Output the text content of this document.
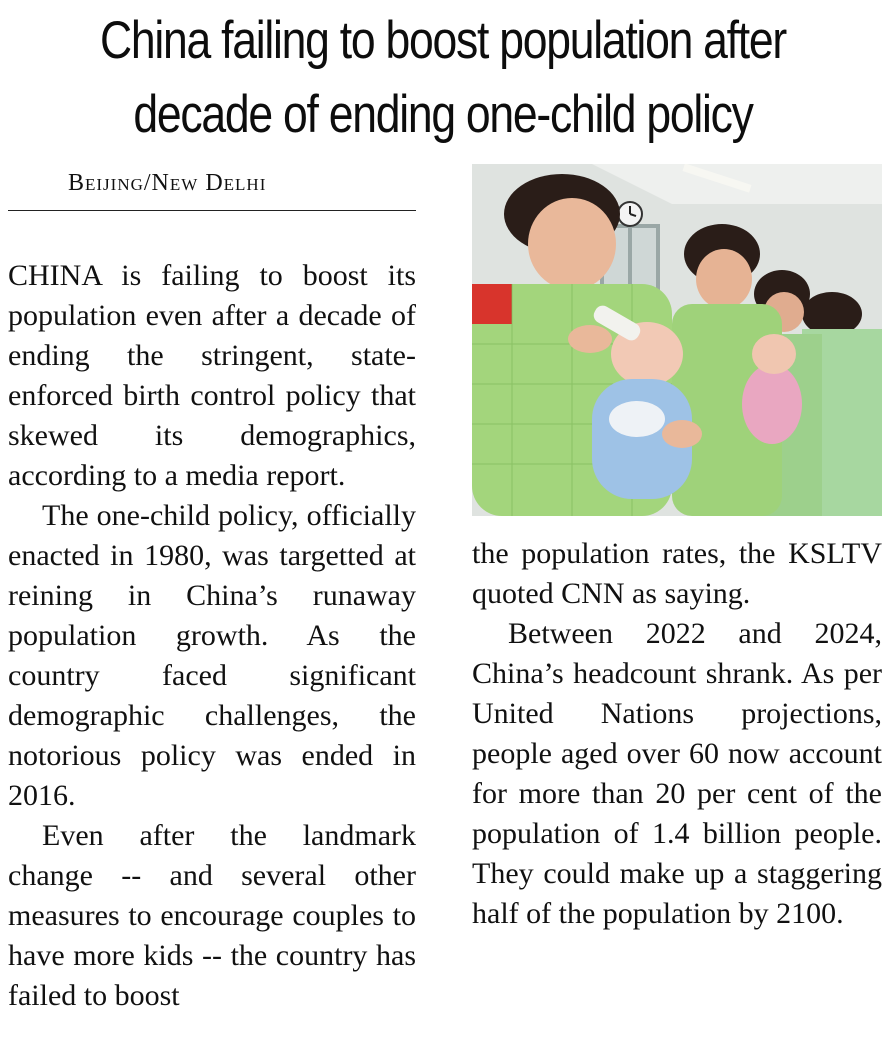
China failing to boost population after
decade of ending one-child policy
Beijing/New Delhi

CHINA is failing to boost its population even after a decade of ending the stringent, state-enforced birth control policy that skewed its demographics, according to a media report.

The one-child policy, officially enacted in 1980, was targetted at reining in China’s runaway population growth. As the country faced significant demographic challenges, the notorious policy was ended in 2016.

Even after the landmark change -- and several other measures to encourage couples to have more kids -- the country has failed to boost

the population rates, the KSLTV quoted CNN as saying.

Between 2022 and 2024, China’s headcount shrank. As per United Nations projections, people aged over 60 now account for more than 20 per cent of the population of 1.4 billion people. They could make up a staggering half of the population by 2100.
